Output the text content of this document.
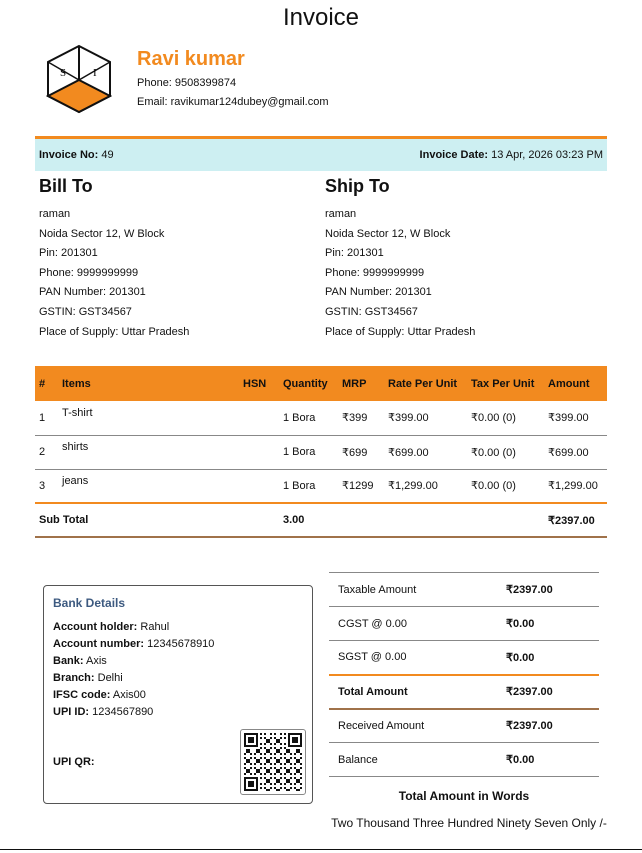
Invoice
S I
Ravi kumar
Phone: 9508399874
Email: ravikumar124dubey@gmail.com
Invoice No: 49	Invoice Date: 13 Apr, 2026 03:23 PM
Bill To
raman
Noida Sector 12, W Block
Pin: 201301
Phone: 9999999999
PAN Number: 201301
GSTIN: GST34567
Place of Supply: Uttar Pradesh
Ship To
raman
Noida Sector 12, W Block
Pin: 201301
Phone: 9999999999
PAN Number: 201301
GSTIN: GST34567
Place of Supply: Uttar Pradesh
#	Items	HSN	Quantity	MRP	Rate Per Unit	Tax Per Unit	Amount
1	T-shirt		1 Bora	₹399	₹399.00	₹0.00 (0)	₹399.00
2	shirts		1 Bora	₹699	₹699.00	₹0.00 (0)	₹699.00
3	jeans		1 Bora	₹1299	₹1,299.00	₹0.00 (0)	₹1,299.00
Sub Total			3.00				₹2397.00
Bank Details
Account holder: Rahul
Account number: 12345678910
Bank: Axis
Branch: Delhi
IFSC code: Axis00
UPI ID: 1234567890
UPI QR:
Taxable Amount	₹2397.00
CGST @ 0.00	₹0.00
SGST @ 0.00	₹0.00
Total Amount	₹2397.00
Received Amount	₹2397.00
Balance	₹0.00
Total Amount in Words
Two Thousand Three Hundred Ninety Seven Only /-
